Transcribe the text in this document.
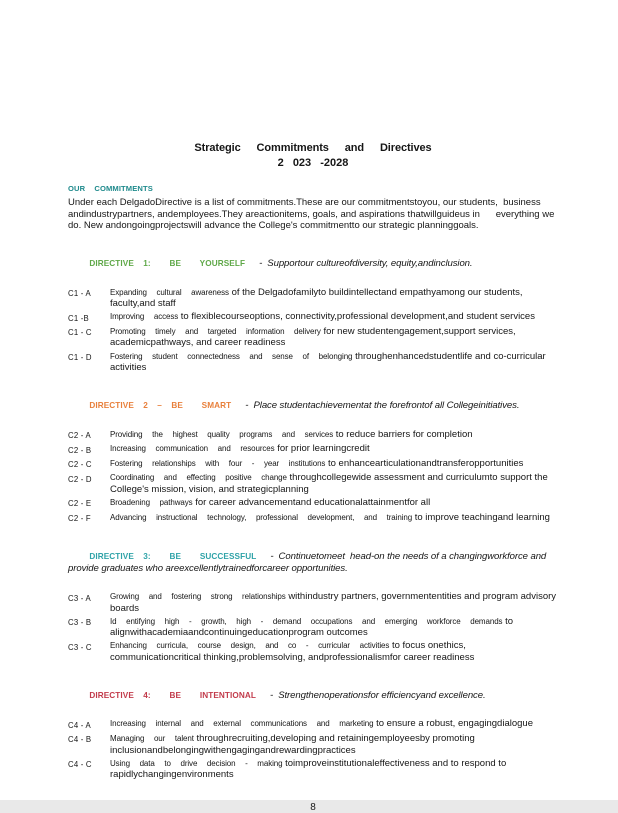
Strategic Commitments and Directives
2 023 -2028
OUR COMMITMENTS
Under each DelgadoDirective is a list of commitments.These are our commitmentstoyou, our students,  business andindustrypartners, andemployees.They areactionitems, goals, and aspirations thatwillguideus in      everything we do. New andongoingprojectswill advance the College's commitmentto our strategic planninggoals.

DIRECTIVE 1:  BE  YOURSELF -  Supportour cultureofdiversity, equity,andinclusion.

C1 - A	Expanding cultural awareness of the Delgadofamilyto buildintellectand empathyamong our students, faculty,and staff
C1 -B	Improving access to flexiblecourseoptions, connectivity,professional development,and student services
C1 - C	Promoting timely and targeted information delivery for new studentengagement,support services, academicpathways, and career readiness
C1 - D	Fostering student connectedness and sense of belonging throughenhancedstudentlife and co-curricular activities

DIRECTIVE 2 – BE  SMART -  Place studentachievementat the forefrontof all Collegeinitiatives.

C2 - A	Providing the highest quality programs and services to reduce barriers for completion
C2 - B	Increasing communication and resources for prior learningcredit
C2 - C	Fostering relationships with four - year institutions to enhancearticulationandtransferopportunities
C2 - D	Coordinating and effecting positive change throughcollegewide assessment and curriculumto support the College's mission, vision, and strategicplanning
C2 - E	Broadening pathways for career advancementand educationalattainmentfor all
C2 - F	Advancing instructional technology, professional development, and training to improve teachingand learning

DIRECTIVE 3:  BE  SUCCESSFUL -  Continuetomeet  head-on the needs of a changingworkforce and provide graduates who areexcellentlytrainedforcareer opportunities.

C3 - A	Growing and fostering strong relationships withindustry partners, governmententities and program advisory boards
C3 - B	Id entifying high - growth, high - demand occupations and emerging workforce demands to alignwithacademiaandcontinuingeducationprogram outcomes
C3 - C	Enhancing curricula, course design, and co - curricular activities to focus onethics, communicationcritical thinking,problemsolving, andprofessionalismfor career readiness

DIRECTIVE 4:  BE  INTENTIONAL -  Strengthenoperationsfor efficiencyand excellence.

C4 - A	Increasing internal and external communications and marketing to ensure a robust, engagingdialogue
C4 - B	Managing our talent throughrecruiting,developing and retainingemployeesby promoting inclusionandbelongingwithengagingandrewardingpractices
C4 - C	Using data to drive decision - making toimproveinstitutionaleffectiveness and to respond to rapidlychangingenvironments
8
